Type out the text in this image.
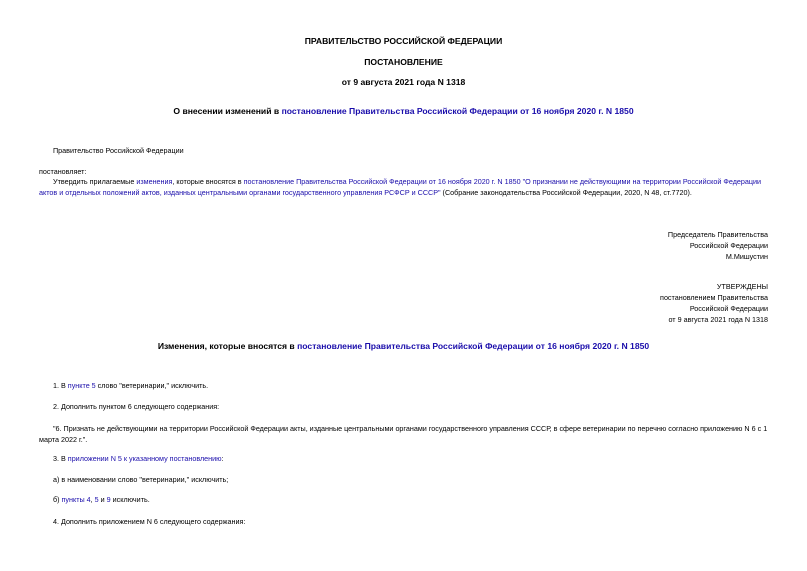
ПРАВИТЕЛЬСТВО РОССИЙСКОЙ ФЕДЕРАЦИИ
ПОСТАНОВЛЕНИЕ
от 9 августа 2021 года N 1318
О внесении изменений в постановление Правительства Российской Федерации от 16 ноября 2020 г. N 1850
Правительство Российской Федерации
постановляет:
Утвердить прилагаемые изменения, которые вносятся в постановление Правительства Российской Федерации от 16 ноября 2020 г. N 1850 "О признании не действующими на территории Российской Федерации
актов и отдельных положений актов, изданных центральными органами государственного управления РСФСР и СССР" (Собрание законодательства Российской Федерации, 2020, N 48, ст.7720).
Председатель Правительства
Российской Федерации
М.Мишустин
УТВЕРЖДЕНЫ
постановлением Правительства
Российской Федерации
от 9 августа 2021 года N 1318
Изменения, которые вносятся в постановление Правительства Российской Федерации от 16 ноября 2020 г. N 1850
1. В пункте 5 слово "ветеринарии," исключить.
2. Дополнить пунктом 6 следующего содержания:
"6. Признать не действующими на территории Российской Федерации акты, изданные центральными органами государственного управления СССР, в сфере ветеринарии по перечню согласно приложению N 6 с 1
марта 2022 г.".
3. В приложении N 5 к указанному постановлению:
а) в наименовании слово "ветеринарии," исключить;
б) пункты 4, 5 и 9 исключить.
4. Дополнить приложением N 6 следующего содержания:
